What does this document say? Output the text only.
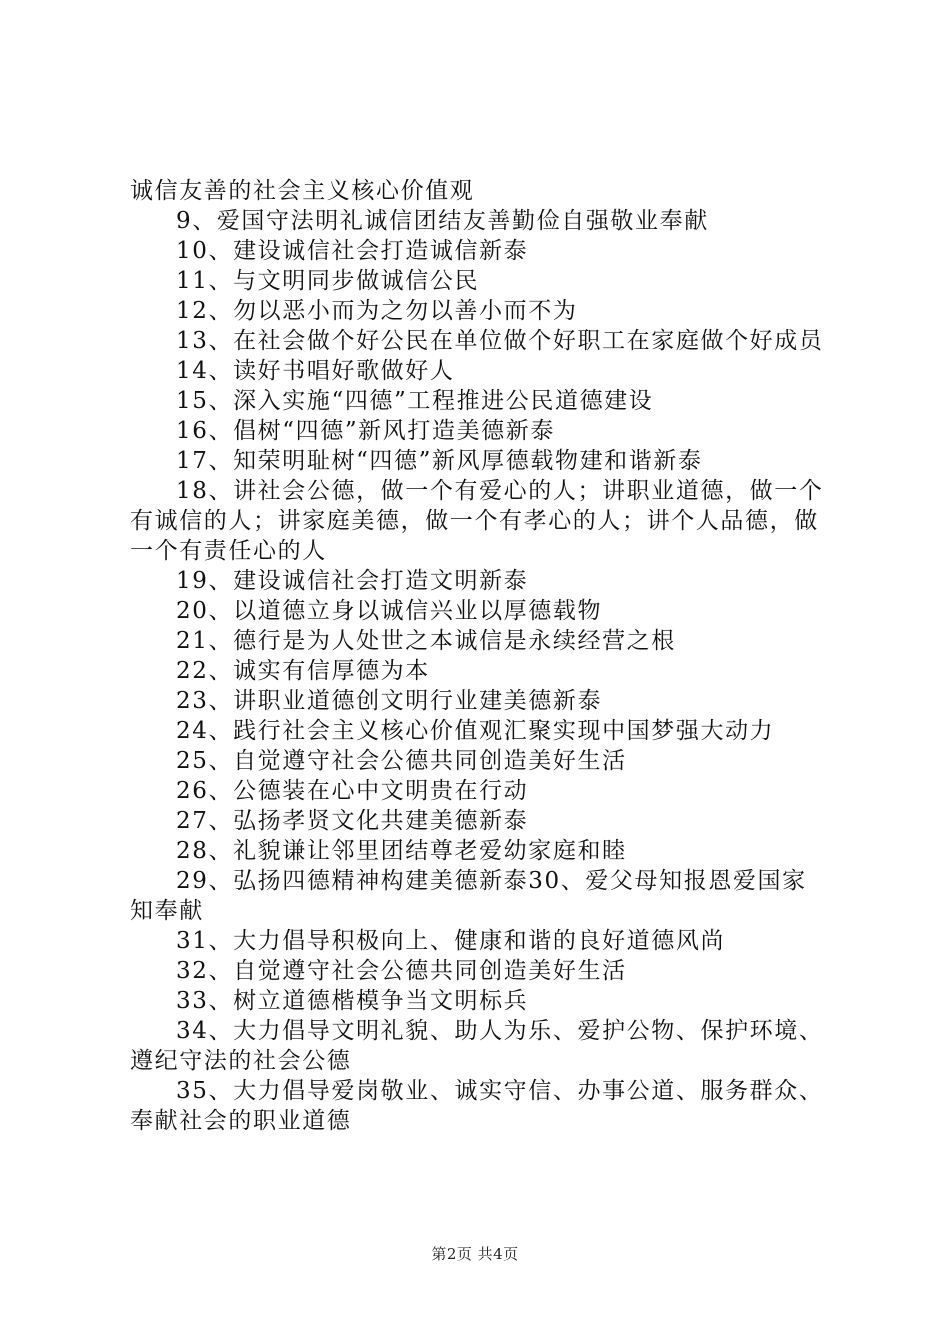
诚信友善的社会主义核心价值观

9、爱国守法明礼诚信团结友善勤俭自强敬业奉献

10、建设诚信社会打造诚信新泰

11、与文明同步做诚信公民

12、勿以恶小而为之勿以善小而不为

13、在社会做个好公民在单位做个好职工在家庭做个好成员

14、读好书唱好歌做好人

15、深入实施“四德”工程推进公民道德建设

16、倡树“四德”新风打造美德新泰

17、知荣明耻树“四德”新风厚德载物建和谐新泰

18、讲社会公德，做一个有爱心的人；讲职业道德，做一个有诚信的人；讲家庭美德，做一个有孝心的人；讲个人品德，做一个有责任心的人

19、建设诚信社会打造文明新泰

20、以道德立身以诚信兴业以厚德载物

21、德行是为人处世之本诚信是永续经营之根

22、诚实有信厚德为本

23、讲职业道德创文明行业建美德新泰

24、践行社会主义核心价值观汇聚实现中国梦强大动力

25、自觉遵守社会公德共同创造美好生活

26、公德装在心中文明贵在行动

27、弘扬孝贤文化共建美德新泰

28、礼貌谦让邻里团结尊老爱幼家庭和睦

29、弘扬四德精神构建美德新泰30、爱父母知报恩爱国家知奉献

31、大力倡导积极向上、健康和谐的良好道德风尚

32、自觉遵守社会公德共同创造美好生活

33、树立道德楷模争当文明标兵

34、大力倡导文明礼貌、助人为乐、爱护公物、保护环境、遵纪守法的社会公德

35、大力倡导爱岗敬业、诚实守信、办事公道、服务群众、奉献社会的职业道德

第2页 共4页
